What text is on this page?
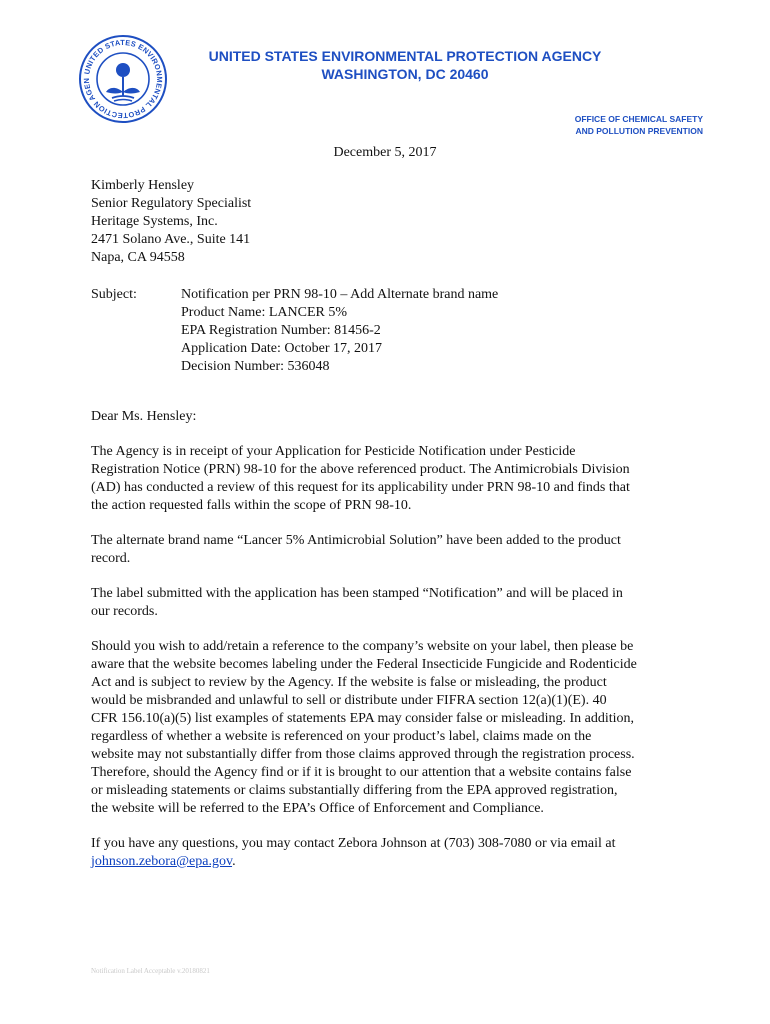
UNITED STATES ENVIRONMENTAL PROTECTION AGEN
UNITED STATES ENVIRONMENTAL PROTECTION AGENCY
WASHINGTON, DC 20460
OFFICE OF CHEMICAL SAFETY
AND POLLUTION PREVENTION
December 5, 2017
Kimberly Hensley
Senior Regulatory Specialist
Heritage Systems, Inc.
2471 Solano Ave., Suite 141
Napa, CA 94558
Subject:	Notification per PRN 98-10 – Add Alternate brand name
Product Name: LANCER 5%
EPA Registration Number: 81456-2
Application Date: October 17, 2017
Decision Number: 536048
Dear Ms. Hensley:

The Agency is in receipt of your Application for Pesticide Notification under Pesticide
Registration Notice (PRN) 98-10 for the above referenced product. The Antimicrobials Division
(AD) has conducted a review of this request for its applicability under PRN 98-10 and finds that
the action requested falls within the scope of PRN 98-10.

The alternate brand name “Lancer 5% Antimicrobial Solution” have been added to the product
record.

The label submitted with the application has been stamped “Notification” and will be placed in
our records.

Should you wish to add/retain a reference to the company’s website on your label, then please be
aware that the website becomes labeling under the Federal Insecticide Fungicide and Rodenticide
Act and is subject to review by the Agency. If the website is false or misleading, the product
would be misbranded and unlawful to sell or distribute under FIFRA section 12(a)(1)(E). 40
CFR 156.10(a)(5) list examples of statements EPA may consider false or misleading. In addition,
regardless of whether a website is referenced on your product’s label, claims made on the
website may not substantially differ from those claims approved through the registration process.
Therefore, should the Agency find or if it is brought to our attention that a website contains false
or misleading statements or claims substantially differing from the EPA approved registration,
the website will be referred to the EPA’s Office of Enforcement and Compliance.

If you have any questions, you may contact Zebora Johnson at (703) 308-7080 or via email at
johnson.zebora@epa.gov.

Notification Label Acceptable v.20180821
